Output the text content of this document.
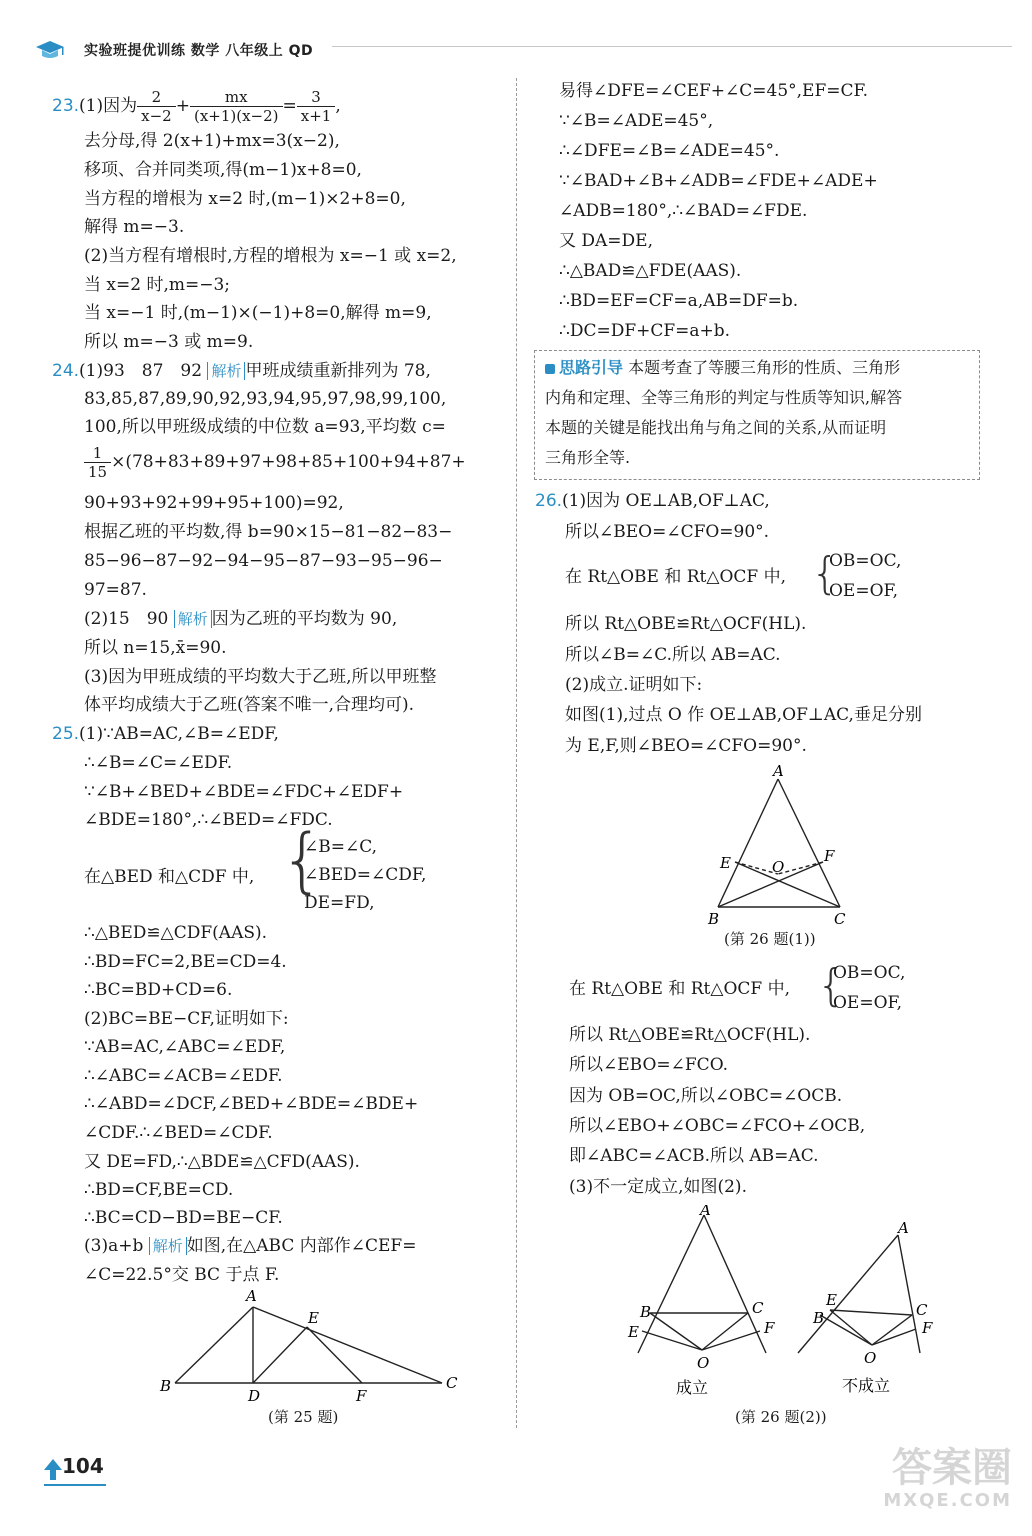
实验班提优训练 数学 八年级上 QD
23.(1)因为 $\frac{2}{x-2} + \frac{mx}{(x+1)(x-2)} = \frac{3}{x+1}$ ,
去分母,得 2(x+1)+mx=3(x−2),
移项、合并同类项,得(m−1)x+8=0,
当方程的增根为 x=2 时,(m−1)×2+8=0,
解得 m=−3.
(2)当方程有增根时,方程的增根为 x=−1 或 x=2,
当 x=2 时,m=−3;
当 x=−1 时,(m−1)×(−1)+8=0,解得 m=9,
所以 m=−3 或 m=9.
24.(1)93　87　92 解析 甲班成绩重新排列为 78,
83,85,87,89,90,92,93,94,95,97,98,99,100,
100,所以甲班级成绩的中位数 a=93,平均数 c=
$\frac{1}{15} \times(78+83+89+97+98+85+100+94+87+$
90+93+92+99+95+100)=92,
根据乙班的平均数,得 b=90×15−81−82−83−
85−96−87−92−94−95−87−93−95−96−
97=87.
(2)15　90 解析 因为乙班的平均数为 90,
所以 n=15,x̄=90.
(3)因为甲班成绩的平均数大于乙班,所以甲班整
体平均成绩大于乙班(答案不唯一,合理均可).
25.(1)∵AB=AC,∠B=∠EDF,
∴∠B=∠C=∠EDF.
∵∠B+∠BED+∠BDE=∠FDC+∠EDF+
∠BDE=180°,∴∠BED=∠FDC.
在△BED 和△CDF 中, {
∠B=∠C,
∠BED=∠CDF,
DE=FD,
∴△BED≌△CDF(AAS).
∴BD=FC=2,BE=CD=4.
∴BC=BD+CD=6.
(2)BC=BE−CF,证明如下:
∵AB=AC,∠ABC=∠EDF,
∴∠ABC=∠ACB=∠EDF.
∴∠ABD=∠DCF,∠BED+∠BDE=∠BDE+
∠CDF.∴∠BED=∠CDF.
又 DE=FD,∴△BDE≌△CFD(AAS).
∴BD=CF,BE=CD.
∴BC=CD−BD=BE−CF.
(3)a+b 解析 如图,在△ABC 内部作∠CEF=
∠C=22.5°交 BC 于点 F.
A
B	C
D
E
F
(第 25 题)
易得∠DFE=∠CEF+∠C=45°,EF=CF.
∵∠B=∠ADE=45°,
∴∠DFE=∠B=∠ADE=45°.
∵∠BAD+∠B+∠ADB=∠FDE+∠ADE+
∠ADB=180°,∴∠BAD=∠FDE.
又 DA=DE,
∴△BAD≌△FDE(AAS).
∴BD=EF=CF=a,AB=DF=b.
∴DC=DF+CF=a+b.
思路引导 本题考查了等腰三角形的性质、三角形
内角和定理、全等三角形的判定与性质等知识,解答
本题的关键是能找出角与角之间的关系,从而证明
三角形全等.
26.(1)因为 OE⊥AB,OF⊥AC,
所以∠BEO=∠CFO=90°.
在 Rt△OBE 和 Rt△OCF 中, {
OB=OC,
OE=OF,
所以 Rt△OBE≌Rt△OCF(HL).
所以∠B=∠C.所以 AB=AC.
(2)成立.证明如下:
如图(1),过点 O 作 OE⊥AB,OF⊥AC,垂足分别
为 E,F,则∠BEO=∠CFO=90°.
A
E	F
O
B	C
(第 26 题(1))
在 Rt△OBE 和 Rt△OCF 中, {
OB=OC,
OE=OF,
所以 Rt△OBE≌Rt△OCF(HL).
所以∠EBO=∠FCO.
因为 OB=OC,所以∠OBC=∠OCB.
所以∠EBO+∠OBC=∠FCO+∠OCB,
即∠ABC=∠ACB.所以 AB=AC.
(3)不一定成立,如图(2).
A
B	C
E	F
O
成立
A
B	C
E
F
O
不成立
(第 26 题(2))
104	答案圈
MXQE.COM
